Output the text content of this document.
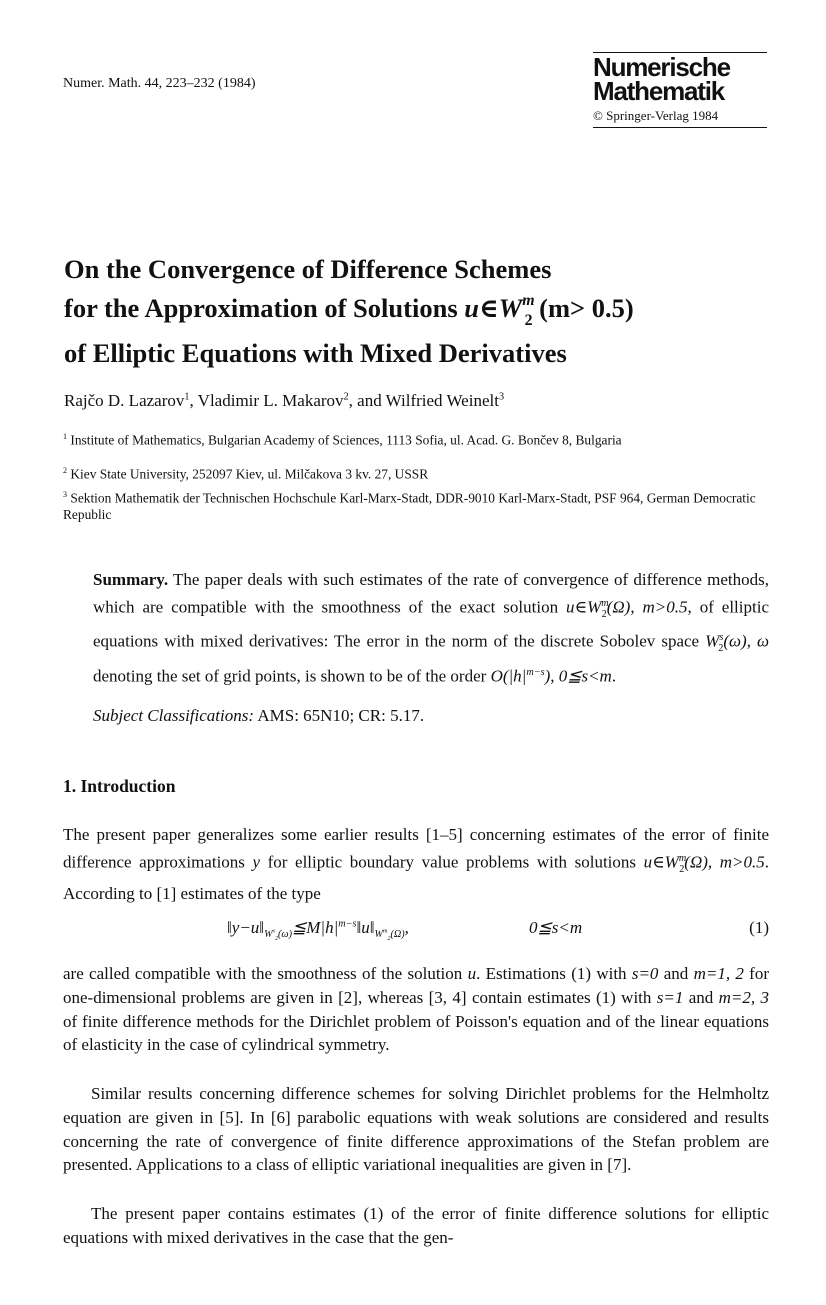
Numer. Math. 44, 223–232 (1984)
Numerische
Mathematik
© Springer-Verlag 1984
On the Convergence of Difference Schemes
for the Approximation of Solutions $u\in W^m_2$ (m> 0.5)
of Elliptic Equations with Mixed Derivatives
Rajčo D. Lazarov$^1$, Vladimir L. Makarov$^2$, and Wilfried Weinelt$^3$
$^1$ Institute of Mathematics, Bulgarian Academy of Sciences, 1113 Sofia, ul. Acad. G. Bončev 8, Bulgaria
$^2$ Kiev State University, 252097 Kiev, ul. Milčakova 3 kv. 27, USSR
$^3$ Sektion Mathematik der Technischen Hochschule Karl-Marx-Stadt, DDR-9010 Karl-Marx-Stadt, PSF 964, German Democratic Republic
Summary. The paper deals with such estimates of the rate of convergence of difference methods, which are compatible with the smoothness of the exact solution $u\in W^m_2(\Omega)$, m>0.5, of elliptic equations with mixed derivatives: The error in the norm of the discrete Sobolev space $W^s_2(\omega)$, ω denoting the set of grid points, is shown to be of the order $O(|h|^{m-s})$, 0≦s<m.
Subject Classifications: AMS: 65N10; CR: 5.17.
1. Introduction
The present paper generalizes some earlier results [1–5] concerning estimates of the error of finite difference approximations y for elliptic boundary value problems with solutions $u\in W^m_2(\Omega)$, m>0.5. According to [1] estimates of the type
$‖y-u‖_{W^s_2(\omega)}≦M|h|^{m-s}‖u‖_{W^m_2(\Omega)}$,	0≦s<m	(1)
are called compatible with the smoothness of the solution u. Estimations (1) with s=0 and m=1, 2 for one-dimensional problems are given in [2], whereas [3, 4] contain estimates (1) with s=1 and m=2, 3 of finite difference methods for the Dirichlet problem of Poisson's equation and of the linear equations of elasticity in the case of cylindrical symmetry.
Similar results concerning difference schemes for solving Dirichlet problems for the Helmholtz equation are given in [5]. In [6] parabolic equations with weak solutions are considered and results concerning the rate of convergence of finite difference approximations of the Stefan problem are presented. Applications to a class of elliptic variational inequalities are given in [7].
The present paper contains estimates (1) of the error of finite difference solutions for elliptic equations with mixed derivatives in the case that the gen-
